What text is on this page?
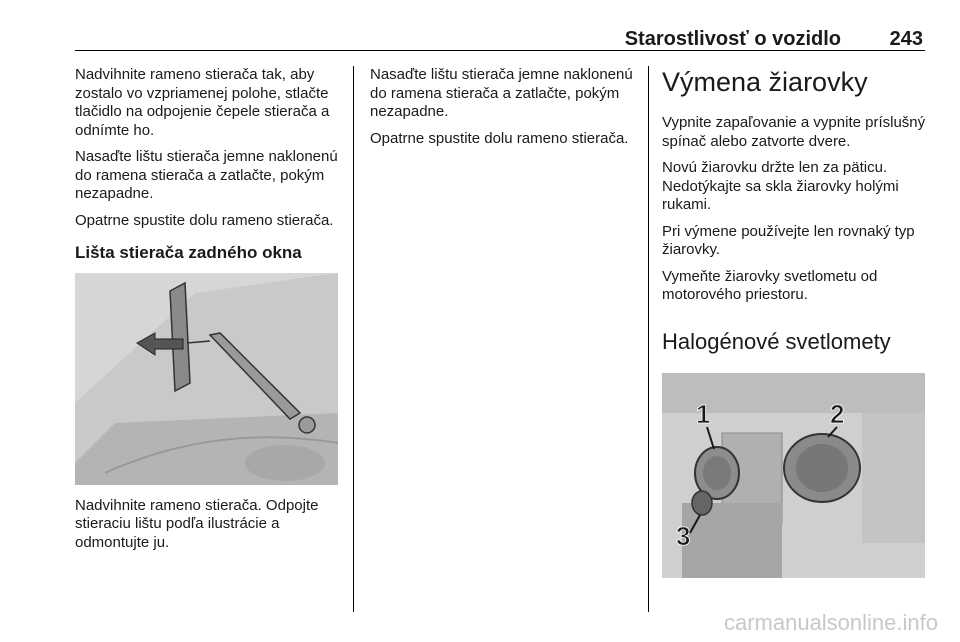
Starostlivosť o vozidlo 243

Nadvihnite rameno stierača tak, aby zostalo vo vzpriamenej polohe, stlačte tlačidlo na odpojenie čepele stierača a odnímte ho.

Nasaďte lištu stierača jemne naklonenú do ramena stierača a zatlačte, pokým nezapadne.

Opatrne spustite dolu rameno stierača.

Lišta stierača zadného okna

Nadvihnite rameno stierača. Odpojte stieraciu lištu podľa ilustrácie a odmontujte ju.

Nasaďte lištu stierača jemne naklonenú do ramena stierača a zatlačte, pokým nezapadne.

Opatrne spustite dolu rameno stierača.

Výmena žiarovky

Vypnite zapaľovanie a vypnite príslušný spínač alebo zatvorte dvere.

Novú žiarovku držte len za päticu. Nedotýkajte sa skla žiarovky holými rukami.

Pri výmene používejte len rovnaký typ žiarovky.

Vymeňte žiarovky svetlometu od motorového priestoru.

Halogénové svetlomety
1	2
3
carmanualsonline.info
